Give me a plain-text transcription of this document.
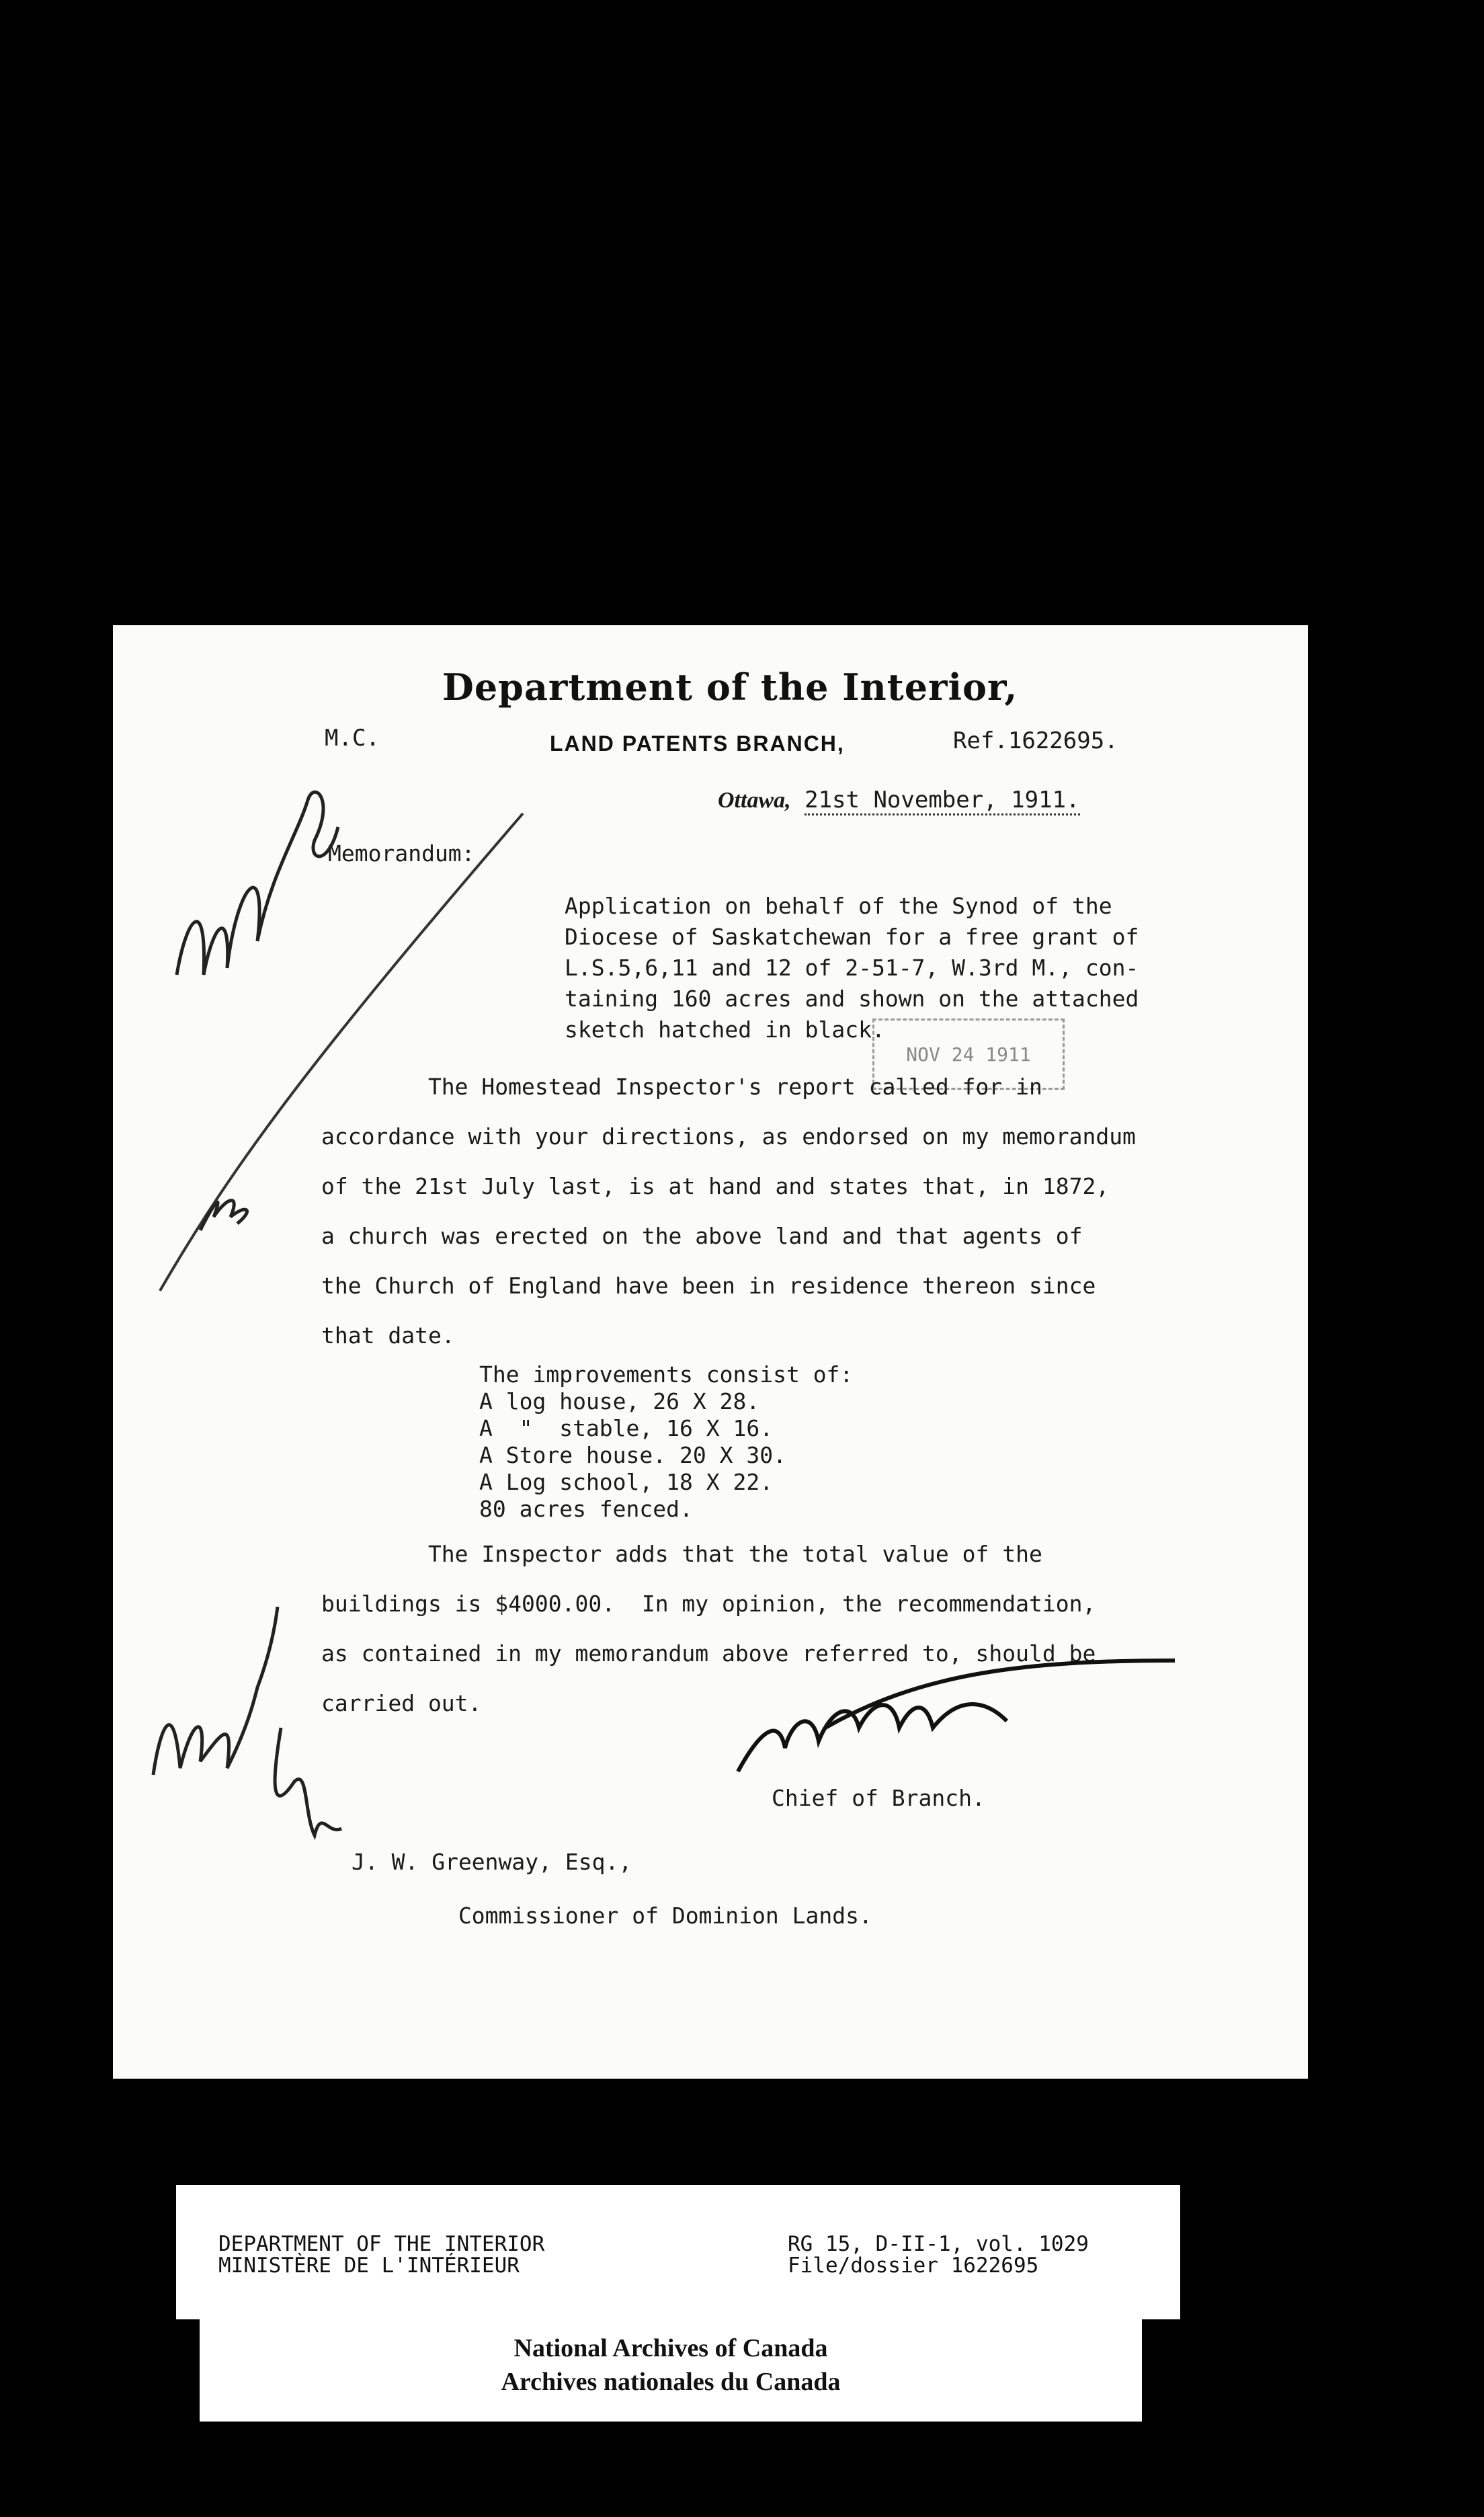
Department of the Interior,
M.C.	LAND PATENTS BRANCH,	Ref.1622695.
Ottawa, 21st November, 1911.
Memorandum:
Application on behalf of the Synod of the
Diocese of Saskatchewan for a free grant of
L.S.5,6,11 and 12 of 2-51-7, W.3rd M., con-
taining 160 acres and shown on the attached
sketch hatched in black.
NOV 24 1911
The Homestead Inspector's report called for in
accordance with your directions, as endorsed on my memorandum
of the 21st July last, is at hand and states that, in 1872,
a church was erected on the above land and that agents of
the Church of England have been in residence thereon since
that date.
The improvements consist of:
A log house, 26 X 28.
A  "  stable, 16 X 16.
A Store house. 20 X 30.
A Log school, 18 X 22.
80 acres fenced.
The Inspector adds that the total value of the
buildings is $4000.00.  In my opinion, the recommendation,
as contained in my memorandum above referred to, should be
carried out.
Chief of Branch.
J. W. Greenway, Esq.,
Commissioner of Dominion Lands.
DEPARTMENT OF THE INTERIOR
MINISTÈRE DE L'INTÉRIEUR
RG 15, D-II-1, vol. 1029
File/dossier 1622695
National Archives of Canada
Archives nationales du Canada
